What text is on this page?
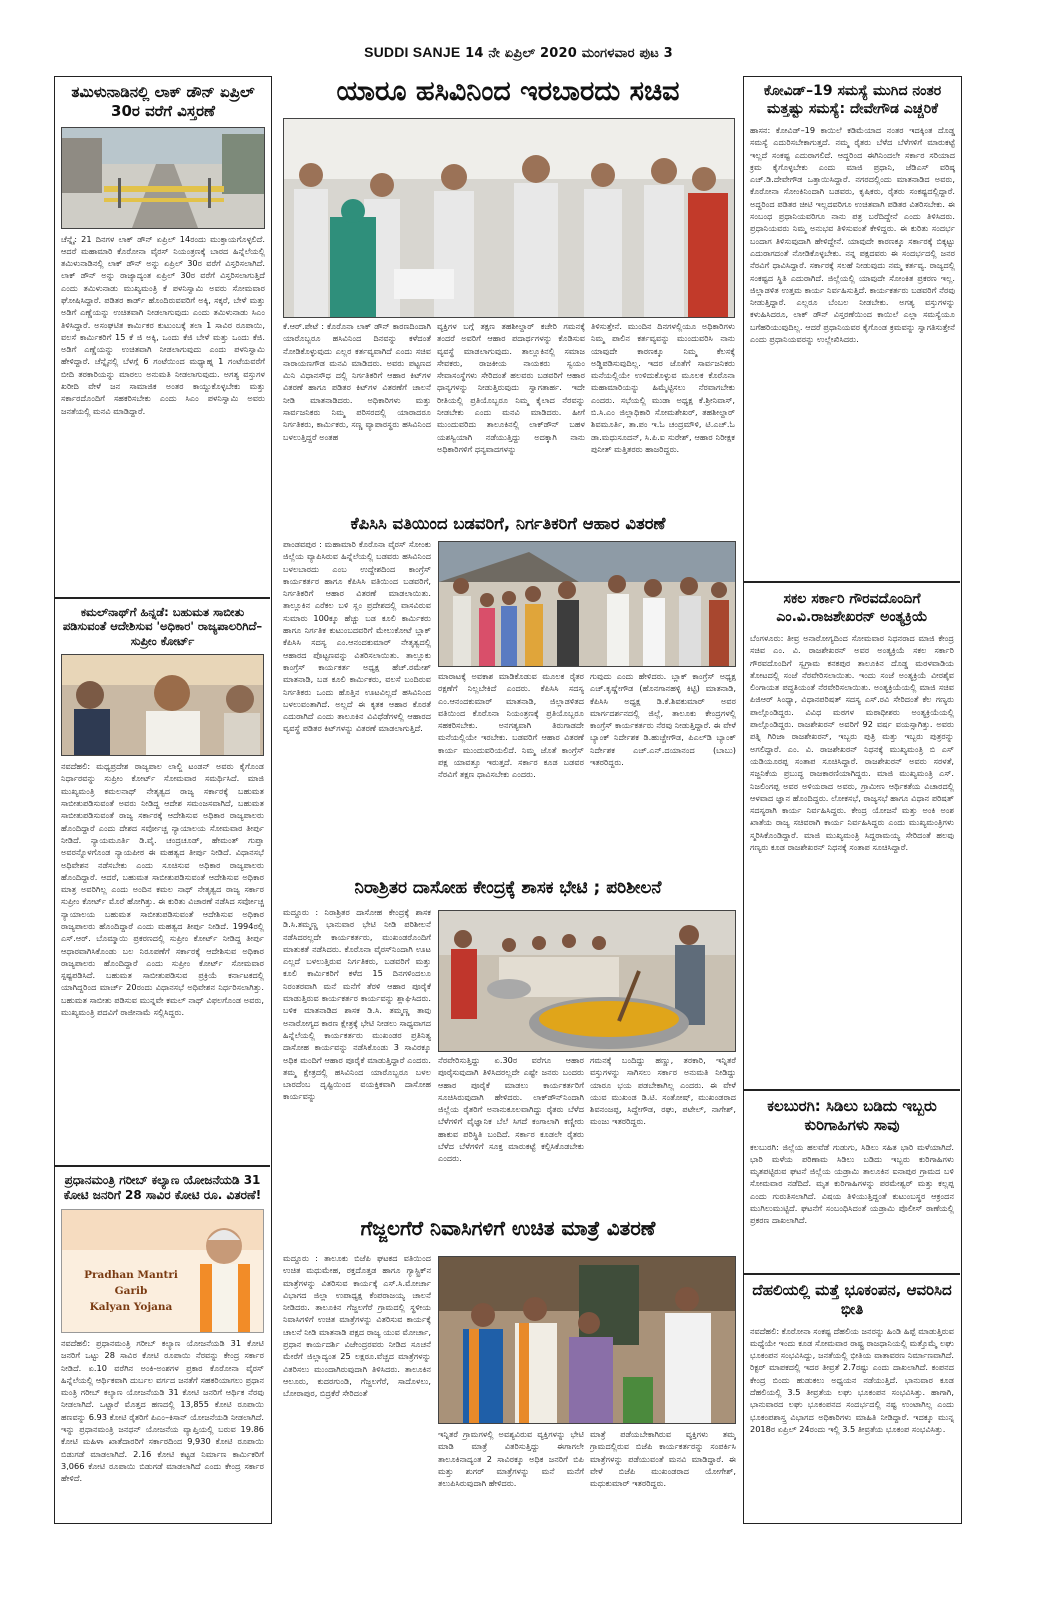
SUDDI SANJE 14 ನೇ ಏಪ್ರಿಲ್ 2020 ಮಂಗಳವಾರ ಪುಟ 3
ತಮಿಳುನಾಡಿನಲ್ಲಿ ಲಾಕ್ ಡೌನ್ ಏಪ್ರಿಲ್ 30ರ ವರೆಗೆ ವಿಸ್ತರಣೆ
ಚೆನ್ನೈ: 21 ದಿನಗಳ ಲಾಕ್ ಡೌನ್ ಏಪ್ರಿಲ್ 14ರಂದು ಮುಕ್ತಾಯಗೊಳ್ಳಲಿದೆ. ಆದರೆ ಮಹಾಮಾರಿ ಕೊರೋನಾ ವೈರಸ್ ನಿಯಂತ್ರಣಕ್ಕೆ ಬಾರದ ಹಿನ್ನೆಲೆಯಲ್ಲಿ ತಮಿಳುನಾಡಿನಲ್ಲಿ ಲಾಕ್ ಡೌನ್ ಅನ್ನು ಏಪ್ರಿಲ್ 30ರ ವರೆಗೆ ವಿಸ್ತರಿಸಲಾಗಿದೆ. ಲಾಕ್ ಡೌನ್ ಅನ್ನು ರಾಜ್ಯಾದ್ಯಂತ ಏಪ್ರಿಲ್ 30ರ ವರೆಗೆ ವಿಸ್ತರಿಸಲಾಗುತ್ತಿದೆ ಎಂದು ತಮಿಳುನಾಡು ಮುಖ್ಯಮಂತ್ರಿ ಕೆ ಪಳನಿಸ್ವಾಮಿ ಅವರು ಸೋಮವಾರ ಘೋಷಿಸಿದ್ದಾರೆ. ಪಡಿತರ ಕಾರ್ಡ್ ಹೊಂದಿರುವವರಿಗೆ ಅಕ್ಕಿ, ಸಕ್ಕರೆ, ಬೇಳೆ ಮತ್ತು ಅಡಿಗೆ ಎಣ್ಣೆಯನ್ನು ಉಚಿತವಾಗಿ ನೀಡಲಾಗುವುದು ಎಂದು ತಮಿಳುನಾಡು ಸಿಎಂ ತಿಳಿಸಿದ್ದಾರೆ. ಅಸಂಘಟಿತ ಕಾರ್ಮಿಕರ ಕುಟುಂಬಕ್ಕೆ ತಲಾ 1 ಸಾವಿರ ರೂಪಾಯಿ, ವಲಸೆ ಕಾರ್ಮಿಕರಿಗೆ 15 ಕೆ ಜಿ ಅಕ್ಕಿ, ಒಂದು ಕೆಜಿ ಬೇಳೆ ಮತ್ತು ಒಂದು ಕೆಜಿ. ಅಡಿಗೆ ಎಣ್ಣೆಯನ್ನು ಉಚಿತವಾಗಿ ನೀಡಲಾಗುವುದು ಎಂದು ಪಳನಿಸ್ವಾಮಿ ಹೇಳಿದ್ದಾರೆ. ಚೆನ್ನೈನಲ್ಲಿ ಬೆಳಗ್ಗೆ 6 ಗಂಟೆಯಿಂದ ಮಧ್ಯಾಹ್ನ 1 ಗಂಟೆಯವರೆಗೆ ಬೀದಿ ತರಕಾರಿಯನ್ನು ಮಾರಲು ಅನುಮತಿ ನೀಡಲಾಗುವುದು. ಅಗತ್ಯ ವಸ್ತುಗಳ ಖರೀದಿ ವೇಳೆ ಜನ ಸಾಮಾಜಿಕ ಅಂತರ ಕಾಯ್ದುಕೊಳ್ಳಬೇಕು ಮತ್ತು ಸರ್ಕಾರದೊಂದಿಗೆ ಸಹಕರಿಸಬೇಕು ಎಂದು ಸಿಎಂ ಪಳನಿಸ್ವಾಮಿ ಅವರು ಜನತೆಯಲ್ಲಿ ಮನವಿ ಮಾಡಿದ್ದಾರೆ.
ಕಮಲ್‌ನಾಥ್‌ಗೆ ಹಿನ್ನಡೆ: ಬಹುಮತ ಸಾಬೀತು ಪಡಿಸುವಂತೆ ಆದೇಶಿಸುವ 'ಅಧಿಕಾರ' ರಾಜ್ಯಪಾಲರಿಗಿದೆ– ಸುಪ್ರೀಂ ಕೋರ್ಟ್
ನವದೆಹಲಿ: ಮಧ್ಯಪ್ರದೇಶ ರಾಜ್ಯಪಾಲ ಲಾಲ್ಜಿ ಟಂಡನ್ ಅವರು ಕೈಗೊಂಡ ನಿರ್ಧಾರವನ್ನು ಸುಪ್ರೀಂ ಕೋರ್ಟ್ ಸೋಮವಾರ ಸಮರ್ಥಿಸಿದೆ. ಮಾಜಿ ಮುಖ್ಯಮಂತ್ರಿ ಕಮಲನಾಥ್ ನೇತೃತ್ವದ ರಾಜ್ಯ ಸರ್ಕಾರಕ್ಕೆ ಬಹುಮತ ಸಾಬೀತುಪಡಿಸುವಂತೆ ಅವರು ನೀಡಿದ್ದ ಆದೇಶ ಸಮಂಜಸವಾಗಿದೆ, ಬಹುಮತ ಸಾಬೀತುಪಡಿಸುವಂತೆ ರಾಜ್ಯ ಸರ್ಕಾರಕ್ಕೆ ಆದೇಶಿಸುವ ಅಧಿಕಾರ ರಾಜ್ಯಪಾಲರು ಹೊಂದಿದ್ದಾರೆ ಎಂದು ದೇಶದ ಸರ್ವೋಚ್ಚ ನ್ಯಾಯಾಲಯ ಸೋಮವಾರ ತೀರ್ಪು ನೀಡಿದೆ. ನ್ಯಾಯಮೂರ್ತಿ ಡಿ.ವೈ. ಚಂದ್ರಚೂಡ್, ಹೇಮಂತ್ ಗುಪ್ತಾ ಅವರನ್ನೊಳಗೊಂಡ ನ್ಯಾಯಪೀಠ ಈ ಮಹತ್ವದ ತೀರ್ಪು ನೀಡಿದೆ. ವಿಧಾನಸಭೆ ಅಧಿವೇಶನ ನಡೆಸಬೇಕು ಎಂದು ಸೂಚಿಸುವ ಅಧಿಕಾರ ರಾಜ್ಯಪಾಲರು ಹೊಂದಿದ್ದಾರೆ. ಆದರೆ, ಬಹುಮತ ಸಾಬೀತುಪಡಿಸುವಂತೆ ಆದೇಶಿಸುವ ಅಧಿಕಾರ ಮಾತ್ರ ಅವರಿಗಿಲ್ಲ ಎಂದು ಅಂದಿನ ಕಮಲ ನಾಥ್ ನೇತೃತ್ವದ ರಾಜ್ಯ ಸರ್ಕಾರ ಸುಪ್ರೀಂ ಕೋರ್ಟ್ ಮೊರೆ ಹೋಗಿತ್ತು. ಈ ಕುರಿತು ವಿಚಾರಣೆ ನಡೆಸಿದ ಸರ್ವೋಚ್ಚ ನ್ಯಾಯಾಲಯ ಬಹುಮತ ಸಾಬೀತುಪಡಿಸುವಂತೆ ಆದೇಶಿಸುವ ಅಧಿಕಾರ ರಾಜ್ಯಪಾಲರು ಹೊಂದಿದ್ದಾರೆ ಎಂದು ಮಹತ್ವದ ತೀರ್ಪು ನೀಡಿದೆ. 1994ರಲ್ಲಿ ಎಸ್.ಆರ್. ಬೊಮ್ಮಾಯಿ ಪ್ರಕರಣದಲ್ಲಿ ಸುಪ್ರೀಂ ಕೋರ್ಟ್ ನೀಡಿದ್ದ ತೀರ್ಪು ಆಧಾರವಾಗಿಸಿಕೊಂಡು ಬಲ ನಿರೂಪಣೆಗೆ ಸರ್ಕಾರಕ್ಕೆ ಆದೇಶಿಸುವ ಅಧಿಕಾರ ರಾಜ್ಯಪಾಲರು ಹೊಂದಿದ್ದಾರೆ ಎಂದು ಸುಪ್ರೀಂ ಕೋರ್ಟ್ ಸೋಮವಾರ ಸ್ಪಷ್ಟಪಡಿಸಿದೆ. ಬಹುಮತ ಸಾಬೀತುಪಡಿಸುವ ಪ್ರಕ್ರಿಯೆ ಕರ್ನಾಟಕದಲ್ಲಿ ಯಾಗಿದ್ದರಿಂದ ಮಾರ್ಚ್ 20ರಂದು ವಿಧಾನಸಭೆ ಅಧಿವೇಶನ ನಿರ್ಧರಿಸಲಾಗಿತ್ತು. ಬಹುಮತ ಸಾಬೀತು ಪಡಿಸುವ ಮುನ್ನವೇ ಕಮಲ್ ನಾಥ್ ವಿಫಲಗೊಂಡ ಅವರು, ಮುಖ್ಯಮಂತ್ರಿ ಪದವಿಗೆ ರಾಜೀನಾಮೆ ಸಲ್ಲಿಸಿದ್ದರು.
ಪ್ರಧಾನಮಂತ್ರಿ ಗರೀಬ್ ಕಲ್ಯಾಣ ಯೋಜನೆಯಡಿ 31 ಕೋಟಿ ಜನರಿಗೆ 28 ಸಾವಿರ ಕೋಟಿ ರೂ. ವಿತರಣೆ!
Pradhan Mantri Garib
Kalyan Yojana
ನವದೆಹಲಿ: ಪ್ರಧಾನಮಂತ್ರಿ ಗರೀಬ್ ಕಲ್ಯಾಣ ಯೋಜನೆಯಡಿ 31 ಕೋಟಿ ಜನರಿಗೆ ಒಟ್ಟು 28 ಸಾವಿರ ಕೋಟಿ ರೂಪಾಯಿ ನೆರವನ್ನು ಕೇಂದ್ರ ಸರ್ಕಾರ ನೀಡಿದೆ. ಏ.10 ವರೆಗಿನ ಅಂಕಿ-ಅಂಶಗಳ ಪ್ರಕಾರ ಕೊರೋನಾ ವೈರಸ್ ಹಿನ್ನೆಲೆಯಲ್ಲಿ ಆರ್ಥಿಕವಾಗಿ ದುರ್ಬಲ ವರ್ಗದ ಜನತೆಗೆ ಸಹಕರಿಯಾಗಲು ಪ್ರಧಾನ ಮಂತ್ರಿ ಗರೀಬ್ ಕಲ್ಯಾಣ ಯೋಜನೆಯಡಿ 31 ಕೋಟಿ ಜನರಿಗೆ ಆರ್ಥಿಕ ನೆರವು ನೀಡಲಾಗಿದೆ. ಒಟ್ಟಾರೆ ಮೊತ್ತದ ಹಣದಲ್ಲಿ 13,855 ಕೋಟಿ ರೂಪಾಯಿ ಹಣವನ್ನು 6.93 ಕೋಟಿ ರೈತರಿಗೆ ಪಿಎಂ–ಕಿಸಾನ್ ಯೋಜನೆಯಡಿ ನೀಡಲಾಗಿದೆ. ಇನ್ನು ಪ್ರಧಾನಮಂತ್ರಿ ಜನಧನ್ ಯೋಜನೆಯ ವ್ಯಾಪ್ತಿಯಲ್ಲಿ ಬರುವ 19.86 ಕೋಟಿ ಮಹಿಳಾ ಖಾತೆದಾರರಿಗೆ ಸರ್ಕಾರದಿಂದ 9,930 ಕೋಟಿ ರೂಪಾಯಿ ಬಿಡುಗಡೆ ಮಾಡಲಾಗಿದೆ. 2.16 ಕೋಟಿ ಕಟ್ಟಡ ನಿರ್ಮಾಣ ಕಾರ್ಮಿಕರಿಗೆ 3,066 ಕೋಟಿ ರೂಪಾಯಿ ಬಿಡುಗಡೆ ಮಾಡಲಾಗಿದೆ ಎಂದು ಕೇಂದ್ರ ಸರ್ಕಾರ ಹೇಳಿದೆ.
ಯಾರೂ ಹಸಿವಿನಿಂದ ಇರಬಾರದು ಸಚಿವ
ಕೆ.ಆರ್.ಪೇಟೆ : ಕೊರೊನಾ ಲಾಕ್ ಡೌನ್ ಕಾರಣದಿಂದಾಗಿ ಯಾರೊಬ್ಬರೂ ಹಸಿವಿನಿಂದ ದಿನವನ್ನು ಕಳೆದಂತೆ ನೋಡಿಕೊಳ್ಳುವುದು ಎಲ್ಲರ ಕರ್ತವ್ಯವಾಗಿದೆ ಎಂದು ಸಚಿವ ನಾರಾಯಣಗೌಡ ಮನವಿ ಮಾಡಿದರು. ಅವರು ಪಟ್ಟಣದ ಮಿನಿ ವಿಧಾನಸೌಧ ದಲ್ಲಿ ನಿರ್ಗತಿಕರಿಗೆ ಆಹಾರ ಕಿಟ್‌ಗಳ ವಿತರಣೆ ಹಾಗೂ ಪಡಿತರ ಕಿಟ್‌ಗಳ ವಿತರಣೆಗೆ ಚಾಲನೆ ನೀಡಿ ಮಾತನಾಡಿದರು. ಅಧಿಕಾರಿಗಳು ಮತ್ತು ಸಾರ್ವಜನಿಕರು ನಿಮ್ಮ ಪರಿಸರದಲ್ಲಿ ಯಾರಾದರೂ ನಿರ್ಗತಿಕರು, ಕಾರ್ಮಿಕರು, ಸಣ್ಣ ವ್ಯಾಪಾರಸ್ಥರು ಹಸಿವಿನಿಂದ ಬಳಲುತ್ತಿದ್ದರೆ ಅಂತಹ
ವ್ಯಕ್ತಿಗಳ ಬಗ್ಗೆ ತಕ್ಷಣ ತಹಶೀಲ್ದಾರ್ ಕಚೇರಿ ಗಮನಕ್ಕೆ ತಂದರೆ ಅವರಿಗೆ ಆಹಾರ ಪದಾರ್ಥಗಳನ್ನು ಕೊಡಿಸುವ ವ್ಯವಸ್ಥೆ ಮಾಡಲಾಗುವುದು. ತಾಲ್ಲೂಕಿನಲ್ಲಿ ಸಮಾಜ ಸೇವಕರು, ರಾಜಕೀಯ ನಾಯಕರು ಸ್ವಯಂ ಸೇವಾಸಂಸ್ಥೆಗಳು ಸೇರಿದಂತೆ ಹಲವರು ಬಡವರಿಗೆ ಆಹಾರ ಧಾನ್ಯಗಳನ್ನು ನೀಡುತ್ತಿರುವುದು ಸ್ವಾಗತಾರ್ಹ. ಇದೇ ರೀತಿಯಲ್ಲಿ ಪ್ರತಿಯೊಬ್ಬರೂ ನಿಮ್ಮ ಕೈಲಾದ ನೆರವನ್ನು ನೀಡಬೇಕು ಎಂದು ಮನವಿ ಮಾಡಿದರು. ಹೀಗೆ ಮುಂದುವರಿದು ತಾಲೂಕಿನಲ್ಲಿ ಲಾಕ್‌ಡೌನ್ ಬಹಳ ಯಶಸ್ವಿಯಾಗಿ ನಡೆಯುತ್ತಿದ್ದು ಅದಕ್ಕಾಗಿ ನಾನು ಅಧಿಕಾರಿಗಳಿಗೆ ಧನ್ಯವಾದಗಳನ್ನು
ತಿಳಿಸುತ್ತೇನೆ. ಮುಂದಿನ ದಿನಗಳಲ್ಲಿಯೂ ಅಧಿಕಾರಿಗಳು ನಿಮ್ಮ ಪಾಲಿನ ಕರ್ತವ್ಯವನ್ನು ಮುಂದುವರಿಸಿ ನಾನು ಯಾವುದೇ ಕಾರಣಕ್ಕೂ ನಿಮ್ಮ ಕೆಲಸಕ್ಕೆ ಅಡ್ಡಿಪಡಿಸುವುದಿಲ್ಲ. ಇದರ ಜೊತೆಗೆ ಸಾರ್ವಜನಿಕರು ಮನೆಯಲ್ಲಿಯೇ ಉಳಿದುಕೊಳ್ಳುವ ಮೂಲಕ ಕೊರೊನಾ ಮಹಾಮಾರಿಯನ್ನು ಹಿಮ್ಮೆಟ್ಟಿಸಲು ನೆರವಾಗಬೇಕು ಎಂದರು. ಸಭೆಯಲ್ಲಿ ಮುಡಾ ಅಧ್ಯಕ್ಷ ಕೆ.ಶ್ರೀನಿವಾಸ್, ಬಿ.ಸಿ.ಎಂ ಜಿಲ್ಲಾಧಿಕಾರಿ ಸೋಮಶೇಖರ್, ತಹಶೀಲ್ದಾರ್ ಶಿವಮೂರ್ತಿ, ತಾ.ಪಂ ಇ.ಓ ಚಂದ್ರಮೌಳಿ, ಟಿ.ಎಚ್.ಓ ಡಾ.ಮಧುಸೂದನ್, ಸಿ.ಪಿ.ಐ ಸುರೇಶ್, ಆಹಾರ ನಿರೀಕ್ಷಕ ಪುನೀತ್ ಮತ್ತಿತರರು ಹಾಜರಿದ್ದರು.
ಕೆಪಿಸಿಸಿ ವತಿಯಿಂದ ಬಡವರಿಗೆ, ನಿರ್ಗತಿಕರಿಗೆ ಆಹಾರ ವಿತರಣೆ
ಪಾಂಡವಪುರ : ಮಹಾಮಾರಿ ಕೊರೊನಾ ವೈರಸ್ ಸೋಂಕು ಜಿಲ್ಲೆಯ ವ್ಯಾಪಿಸಿರುವ ಹಿನ್ನೆಲೆಯಲ್ಲಿ ಬಡವರು ಹಸಿವಿನಿಂದ ಬಳಲಬಾರದು ಎಂಬ ಉದ್ದೇಶದಿಂದ ಕಾಂಗ್ರೆಸ್ ಕಾರ್ಯಕರ್ತರ ಹಾಗೂ ಕೆಪಿಸಿಸಿ ವತಿಯಿಂದ ಬಡವರಿಗೆ, ನಿರ್ಗತಿಕರಿಗೆ ಆಹಾರ ವಿತರಣೆ ಮಾಡಲಾಯಿತು. ತಾಲ್ಲೂಕಿನ ಎರೆಕಲ ಬಳಿ ಸ್ಲಂ ಪ್ರದೇಶದಲ್ಲಿ ವಾಸವಿರುವ ಸುಮಾರು 100ಕ್ಕೂ ಹೆಚ್ಚು ಬಡ ಕೂಲಿ ಕಾರ್ಮಿಕರು ಹಾಗೂ ನಿರ್ಗತಿಕ ಕುಟುಂಬದವರಿಗೆ ಮೇಲುಕೋಟೆ ಬ್ಲಾಕ್ ಕೆಪಿಸಿಸಿ ಸದಸ್ಯ ಎಂ.ಆನಂದಕುಮಾರ್ ನೇತೃತ್ವದಲ್ಲಿ ಆಹಾರದ ಪೊಟ್ಟಣವನ್ನು ವಿತರಿಸಲಾಯಿತು. ತಾಲ್ಲೂಕು ಕಾಂಗ್ರೆಸ್ ಕಾರ್ಯಕರ್ತ ಅಧ್ಯಕ್ಷ ಹೆಚ್.ರಮೇಶ್ ಮಾತನಾಡಿ, ಬಡ ಕೂಲಿ ಕಾರ್ಮಿಕರು, ವಲಸೆ ಬಂದಿರುವ ನಿರ್ಗತಿಕರು ಒಂದು ಹೊತ್ತಿನ ಊಟವಿಲ್ಲದೆ ಹಸಿವಿನಿಂದ ಬಳಲುವಂತಾಗಿದೆ. ಅಲ್ಲದೆ ಈ ಕೃತಕ ಆಹಾರ ಕೊರತೆ ಎದುರಾಗಿದೆ ಎಂದು ತಾಲೂಕಿನ ವಿವಿಧೆಡೆಗಳಲ್ಲಿ ಆಹಾರದ ವ್ಯವಸ್ಥೆ ಪಡಿತರ ಕಿಟ್‌ಗಳನ್ನು ವಿತರಣೆ ಮಾಡಲಾಗುತ್ತಿದೆ.
ಮಾರಾಟಕ್ಕೆ ಅವಕಾಶ ಮಾಡಿಕೊಡುವ ಮೂಲಕ ರೈತರ ರಕ್ಷಣೆಗೆ ನಿಲ್ಲಬೇಕಿದೆ ಎಂದರು. ಕೆಪಿಸಿಸಿ ಸದಸ್ಯ ಎಂ.ಆನಂದಕುಮಾರ್ ಮಾತನಾಡಿ, ಜಿಲ್ಲಾಡಳಿತದ ವತಿಯಿಂದ ಕೊರೊನಾ ನಿಯಂತ್ರಣಕ್ಕೆ ಪ್ರತಿಯೊಬ್ಬರೂ ಸಹಕರಿಸಬೇಕು. ಅನಗತ್ಯವಾಗಿ ತಿರುಗಾಡದೇ ಮನೆಯಲ್ಲಿಯೇ ಇರಬೇಕು. ಬಡವರಿಗೆ ಆಹಾರ ವಿತರಣೆ ಕಾರ್ಯ ಮುಂದುವರಿಯಲಿದೆ. ನಿಮ್ಮ ಜೊತೆ ಕಾಂಗ್ರೆಸ್ ಪಕ್ಷ ಯಾವತ್ತೂ ಇರುತ್ತದೆ. ಸರ್ಕಾರ ಕೂಡ ಬಡವರ ನೆರವಿಗೆ ತಕ್ಷಣ ಧಾವಿಸಬೇಕು ಎಂದರು.
ಗುವುದು ಎಂದು ಹೇಳಿದರು. ಬ್ಲಾಕ್ ಕಾಂಗ್ರೆಸ್ ಅಧ್ಯಕ್ಷ ಎಚ್.ಕೃಷ್ಣೇಗೌಡ (ಹೊನಗಾನಹಳ್ಳಿ ಕಿಟ್ಟಿ) ಮಾತನಾಡಿ, ಕೆಪಿಸಿಸಿ ಅಧ್ಯಕ್ಷ ಡಿ.ಕೆ.ಶಿವಕುಮಾರ್ ಅವರ ಮಾರ್ಗದರ್ಶನದಲ್ಲಿ ಜಿಲ್ಲೆ, ತಾಲೂಕು ಕೇಂದ್ರಗಳಲ್ಲಿ ಕಾಂಗ್ರೆಸ್ ಕಾರ್ಯಕರ್ತರು ನೆರವು ನೀಡುತ್ತಿದ್ದಾರೆ. ಈ ವೇಳೆ ಬ್ಯಾಂಕ್ ನಿರ್ದೇಶಕ ಡಿ.ಹುಚ್ಚೇಗೌಡ, ಪಿಎಲ್‌ಡಿ ಬ್ಯಾಂಕ್ ನಿರ್ದೇಶಕ ಎಚ್.ಎನ್.ದಯಾನಂದ (ಬಾಬು) ಇತರರಿದ್ದರು.
ನಿರಾಶ್ರಿತರ ದಾಸೋಹ ಕೇಂದ್ರಕ್ಕೆ ಶಾಸಕ ಭೇಟಿ ; ಪರಿಶೀಲನೆ
ಮದ್ದೂರು : ನಿರಾಶ್ರಿತರ ದಾಸೋಹ ಕೇಂದ್ರಕ್ಕೆ ಶಾಸಕ ಡಿ.ಸಿ.ತಮ್ಮಣ್ಣ ಭಾನುವಾರ ಭೇಟಿ ನೀಡಿ ಪರಿಶೀಲನೆ ನಡೆಸಿದರಲ್ಲದೇ ಕಾರ್ಯಕರ್ತರು, ಮುಖಂಡರೊಂದಿಗೆ ಮಾತುಕತೆ ನಡೆಸಿದರು. ಕೊರೊನಾ ವೈರಸ್‌ನಿಂದಾಗಿ ಊಟ ಎಲ್ಲದೆ ಬಳಲುತ್ತಿರುವ ನಿರ್ಗತಿಕರು, ಬಡವರಿಗೆ ಮತ್ತು ಕೂಲಿ ಕಾರ್ಮಿಕರಿಗೆ ಕಳೆದ 15 ದಿನಗಳಿಂದಲೂ ನಿರಂತರವಾಗಿ ಮನೆ ಮನೆಗೆ ತೆರಳಿ ಆಹಾರ ಪೂರೈಕೆ ಮಾಡುತ್ತಿರುವ ಕಾರ್ಯಕರ್ತರ ಕಾರ್ಯವನ್ನು ಶ್ಲಾಘಿಸಿದರು. ಬಳಿಕ ಮಾತನಾಡಿದ ಶಾಸಕ ಡಿ.ಸಿ. ತಮ್ಮಣ್ಣ ತಾವು ಅನಾರೋಗ್ಯದ ಕಾರಣ ಕ್ಷೇತ್ರಕ್ಕೆ ಭೇಟಿ ನೀಡಲು ಸಾಧ್ಯವಾಗದ ಹಿನ್ನೆಲೆಯಲ್ಲಿ ಕಾರ್ಯಕರ್ತರು ಮುಖಂಡರ ಪ್ರತಿನಿತ್ಯ ದಾಸೋಹ ಕಾರ್ಯವನ್ನು ನಡೆಸಿಕೊಂಡು 3 ಸಾವಿರಕ್ಕೂ ಅಧಿಕ ಮಂದಿಗೆ ಆಹಾರ ಪೂರೈಕೆ ಮಾಡುತ್ತಿದ್ದಾರೆ ಎಂದರು. ತಮ್ಮ ಕ್ಷೇತ್ರದಲ್ಲಿ ಹಸಿವಿನಿಂದ ಯಾರೊಬ್ಬರೂ ಬಳಲ ಬಾರದೆಂಬ ದೃಷ್ಟಿಯಿಂದ ವಯಕ್ತಿಕವಾಗಿ ದಾಸೋಹ ಕಾರ್ಯವನ್ನು
ನೆರವೇರಿಸುತ್ತಿದ್ದು ಏ.30ರ ವರೆಗೂ ಆಹಾರ ಪೂರೈಸುವುದಾಗಿ ತಿಳಿಸಿದರಲ್ಲದೇ ಎಷ್ಟೇ ಜನರು ಬಂದರು ಆಹಾರ ಪೂರೈಕೆ ಮಾಡಲು ಕಾರ್ಯಕರ್ತರಿಗೆ ಸೂಚಿಸಿರುವುದಾಗಿ ಹೇಳಿದರು. ಲಾಕ್‌ಡೌನ್‌ನಿಂದಾಗಿ ಜಿಲ್ಲೆಯ ರೈತರಿಗೆ ಅನಾನುಕೂಲವಾಗಿದ್ದು ರೈತರು ಬೆಳೆದ ಬೆಳೆಗಳಿಗೆ ವೈಜ್ಞಾನಿಕ ಬೆಲೆ ಸಿಗದೆ ಕಂಗಾಲಾಗಿ ಕಣ್ಣೀರು ಹಾಕುವ ಪರಿಸ್ಥಿತಿ ಬಂದಿದೆ. ಸರ್ಕಾರ ಕೂಡಲೇ ರೈತರು ಬೆಳೆದ ಬೆಳೆಗಳಿಗೆ ಸೂಕ್ತ ಮಾರುಕಟ್ಟೆ ಕಲ್ಪಿಸಿಕೊಡಬೇಕು ಎಂದರು.
ಗಮನಕ್ಕೆ ಬಂದಿದ್ದು ಹಣ್ಣು, ತರಕಾರಿ, ಇನ್ನಿತರೆ ವಸ್ತುಗಳನ್ನು ಸಾಗಿಸಲು ಸರ್ಕಾರ ಅನುಮತಿ ನೀಡಿದ್ದು ಯಾರೂ ಭಯ ಪಡಬೇಕಾಗಿಲ್ಲ ಎಂದರು. ಈ ವೇಳೆ ಯುವ ಮುಖಂಡ ಡಿ.ಟಿ. ಸಂತೋಷ್, ಮುಖಂಡರಾದ ಶಿವನಂಜಪ್ಪ, ಸಿದ್ದೇಗೌಡ, ರಘು, ಪಟೇಲ್, ನಾಗೇಶ್, ಮಂಜು ಇತರರಿದ್ದರು.
ಗೆಜ್ಜಲಗೆರೆ ನಿವಾಸಿಗಳಿಗೆ ಉಚಿತ ಮಾತ್ರೆ ವಿತರಣೆ
ಮದ್ದೂರು : ತಾಲೂಕು ಬಿಜೆಪಿ ಘಟಕದ ವತಿಯಿಂದ ಉಚಿತ ಮಧುಮೇಹ, ರಕ್ತದೊತ್ತಡ ಹಾಗೂ ಗ್ಯಾಸ್ಟ್ರಿಕ್‌ನ ಮಾತ್ರೆಗಳನ್ನು ವಿತರಿಸುವ ಕಾರ್ಯಕ್ಕೆ ಎಸ್.ಸಿ.ಮೋರ್ಚಾ ವಿಭಾಗದ ಜಿಲ್ಲಾ ಉಪಾಧ್ಯಕ್ಷ ಕೆಂಪರಾಜಯ್ಯ ಚಾಲನೆ ನೀಡಿದರು. ತಾಲೂಕಿನ ಗೆಜ್ಜಲಗೆರೆ ಗ್ರಾಮದಲ್ಲಿ ಸ್ಥಳೀಯ ನಿವಾಸಿಗಳಿಗೆ ಉಚಿತ ಮಾತ್ರೆಗಳನ್ನು ವಿತರಿಸುವ ಕಾರ್ಯಕ್ಕೆ ಚಾಲನೆ ನೀಡಿ ಮಾತನಾಡಿ ಪಕ್ಷದ ರಾಜ್ಯ ಯುವ ಮೋರ್ಚಾ, ಪ್ರಧಾನ ಕಾರ್ಯದರ್ಶಿ ವಿಜೇಂದ್ರರವರು ನೀಡಿದ ಸೂಚನೆ ಮೇರೆಗೆ ಜಿಲ್ಲಾದ್ಯಂತ 25 ಲಕ್ಷರೂ.ವೆಚ್ಚದ ಮಾತ್ರೆಗಳನ್ನು ವಿತರಿಸಲು ಮುಂದಾಗಿರುವುದಾಗಿ ತಿಳಿಸಿದರು. ತಾಲೂಕಿನ ಆಲೂರು, ಕುದರಗುಂಡಿ, ಗೆಜ್ಜಲಗೆರೆ, ಸಾದೊಳಲು, ಬೋರಾಪುರ, ಬಿದ್ರಕೆರೆ ಸೇರಿದಂತೆ
ಇನ್ನಿತರೆ ಗ್ರಾಮಗಳಲ್ಲಿ ಅವಶ್ಯವಿರುವ ವ್ಯಕ್ತಿಗಳನ್ನು ಭೇಟಿ ಮಾಡಿ ಮಾತ್ರೆ ವಿತರಿಸುತ್ತಿದ್ದು ಈಗಾಗಲೇ ತಾಲೂಕಿನಾದ್ಯಂತ 2 ಸಾವಿರಕ್ಕೂ ಅಧಿಕ ಜನರಿಗೆ ಬಿಪಿ ಮತ್ತು ಶುಗರ್ ಮಾತ್ರೆಗಳನ್ನು ಮನೆ ಮನೆಗೆ ತಲುಪಿಸಿರುವುದಾಗಿ ಹೇಳಿದರು.
ಮಾತ್ರೆ ಪಡೆಯಬೇಕಾಗಿರುವ ವ್ಯಕ್ತಿಗಳು ತಮ್ಮ ಗ್ರಾಮದಲ್ಲಿರುವ ಬಿಜೆಪಿ ಕಾರ್ಯಕರ್ತರನ್ನು ಸಂಪರ್ಕಿಸಿ ಮಾತ್ರೆಗಳನ್ನು ಪಡೆಯುವಂತೆ ಮನವಿ ಮಾಡಿದ್ದಾರೆ. ಈ ವೇಳೆ ಬಿಜೆಪಿ ಮುಖಂಡರಾದ ಯೋಗೇಶ್, ಮಧುಕುಮಾರ್ ಇತರರಿದ್ದರು.
ಕೋವಿಡ್–19 ಸಮಸ್ಯೆ ಮುಗಿದ ನಂತರ ಮತ್ತಷ್ಟು ಸಮಸ್ಯೆ: ದೇವೇಗೌಡ ಎಚ್ಚರಿಕೆ
ಹಾಸನ: ಕೋವಿಡ್–19 ಕಾಯಿಲೆ ಕಡಿಮೆಯಾದ ನಂತರ ಇದಕ್ಕಿಂತ ದೊಡ್ಡ ಸಮಸ್ಯೆ ಎದುರಿಸಬೇಕಾಗುತ್ತದೆ. ನಮ್ಮ ರೈತರು ಬೆಳೆದ ಬೆಳೆಗಳಿಗೆ ಮಾರುಕಟ್ಟೆ ಇಲ್ಲದೆ ಸಂಕಷ್ಟ ಎದುರಾಗಲಿದೆ. ಆದ್ದರಿಂದ ಈಗಿನಿಂದಲೇ ಸರ್ಕಾರ ಸರಿಯಾದ ಕ್ರಮ ಕೈಗೊಳ್ಳಬೇಕು ಎಂದು ಮಾಜಿ ಪ್ರಧಾನಿ, ಜೆಡಿಎಸ್ ವರಿಷ್ಠ ಎಚ್.ಡಿ.ದೇವೇಗೌಡ ಒತ್ತಾಯಿಸಿದ್ದಾರೆ. ನಗರದಲ್ಲಿಂದು ಮಾತನಾಡಿದ ಅವರು, ಕೊರೋನಾ ಸೋಂಕಿನಿಂದಾಗಿ ಬಡವರು, ಕೃಷಿಕರು, ರೈತರು ಸಂಕಷ್ಟದಲ್ಲಿದ್ದಾರೆ. ಅದ್ದರಿಂದ ಪಡಿತರ ಚೀಟಿ ಇಲ್ಲದವರಿಗೂ ಉಚಿತವಾಗಿ ಪಡಿತರ ವಿತರಿಸಬೇಕು. ಈ ಸಂಬಂಧ ಪ್ರಧಾನಿಯವರಿಗೂ ನಾನು ಪತ್ರ ಬರೆದಿದ್ದೇನೆ ಎಂದು ತಿಳಿಸಿದರು. ಪ್ರಧಾನಿಯವರು ನಿಮ್ಮ ಅನುಭವ ತಿಳಿಸುವಂತೆ ಕೇಳಿದ್ದರು. ಈ ಕುರಿತು ಸಂದರ್ಭ ಬಂದಾಗ ತಿಳಿಸುವುದಾಗಿ ಹೇಳಿದ್ದೇನೆ. ಯಾವುದೇ ಕಾರಣಕ್ಕೂ ಸರ್ಕಾರಕ್ಕೆ ಬಿಕ್ಕಟ್ಟು ಎದುರಾಗದಂತೆ ನೋಡಿಕೊಳ್ಳಬೇಕು. ನನ್ನ ಪಕ್ಷದವರು ಈ ಸಂದರ್ಭದಲ್ಲಿ ಜನರ ನೆರವಿಗೆ ಧಾವಿಸಿದ್ದಾರೆ. ಸರ್ಕಾರಕ್ಕೆ ಸಲಹೆ ನೀಡುವುದು ನಮ್ಮ ಕರ್ತವ್ಯ. ರಾಜ್ಯದಲ್ಲಿ ಸಂಕಷ್ಟದ ಸ್ಥಿತಿ ಎದುರಾಗಿದೆ. ಜಿಲ್ಲೆಯಲ್ಲಿ ಯಾವುದೇ ಸೋಂಕಿತ ಪ್ರಕರಣ ಇಲ್ಲ. ಜಿಲ್ಲಾಡಳಿತ ಉತ್ತಮ ಕಾರ್ಯ ನಿರ್ವಹಿಸುತ್ತಿದೆ. ಕಾರ್ಯಕರ್ತರು ಬಡವರಿಗೆ ನೆರವು ನೀಡುತ್ತಿದ್ದಾರೆ. ಎಲ್ಲರೂ ಬೆಂಬಲ ನೀಡಬೇಕು. ಅಗತ್ಯ ವಸ್ತುಗಳನ್ನು ಕಳುಹಿಸಿದರೂ, ಲಾಕ್ ಡೌನ್ ವಿಸ್ತರಣೆಯಿಂದ ಕಾಯಿಲೆ ಎಲ್ಲಾ ಸಮಸ್ಯೆಯೂ ಬಗೆಹರಿಯುವುದಿಲ್ಲ. ಆದರೆ ಪ್ರಧಾನಿಯವರ ಕೈಗೊಂಡ ಕ್ರಮವನ್ನು ಸ್ವಾಗತಿಸುತ್ತೇನೆ ಎಂದು ಪ್ರಧಾನಿಯವರನ್ನು ಉಲ್ಲೇಖಿಸಿದರು.
ಸಕಲ ಸರ್ಕಾರಿ ಗೌರವದೊಂದಿಗೆ ಎಂ.ವಿ.ರಾಜಶೇಖರನ್ ಅಂತ್ಯಕ್ರಿಯೆ
ಬೆಂಗಳೂರು: ತೀವ್ರ ಅನಾರೋಗ್ಯದಿಂದ ಸೋಮವಾರ ನಿಧನರಾದ ಮಾಜಿ ಕೇಂದ್ರ ಸಚಿವ ಎಂ. ವಿ. ರಾಜಶೇಖರನ್ ಅವರ ಅಂತ್ಯಕ್ರಿಯೆ ಸಕಲ ಸರ್ಕಾರಿ ಗೌರವದೊಂದಿಗೆ ಸ್ವಗ್ರಾಮ ಕನಕಪುರ ತಾಲೂಕಿನ ದೊಡ್ಡ ಮರಳವಾಡಿಯ ತೋಟದಲ್ಲಿ ಸಂಜೆ ನೆರವೇರಿಸಲಾಯಿತು. ಇಂದು ಸಂಜೆ ಅಂತ್ಯಕ್ರಿಯೆ ವೀರಶೈವ ಲಿಂಗಾಯತ ಪದ್ಧತಿಯಂತೆ ನೆರವೇರಿಸಲಾಯಿತು. ಅಂತ್ಯಕ್ರಿಯೆಯಲ್ಲಿ ಮಾಜಿ ಸಚಿವ ಪಿಜಿಆರ್ ಸಿಂಧ್ಯಾ, ವಿಧಾನಪರಿಷತ್ ಸದಸ್ಯ ಎಸ್.ರವಿ ಸೇರಿದಂತೆ ಕೆಲ ಗಣ್ಯರು ಪಾಲ್ಗೊಂಡಿದ್ದರು. ವಿವಿಧ ಮಠಗಳ ಮಠಾಧೀಶರು ಅಂತ್ಯಕ್ರಿಯೆಯಲ್ಲಿ ಪಾಲ್ಗೊಂಡಿದ್ದರು. ರಾಜಶೇಖರನ್ ಅವರಿಗೆ 92 ವರ್ಷ ವಯಸ್ಸಾಗಿತ್ತು. ಅವರು ಪತ್ನಿ ಗಿರಿಜಾ ರಾಜಶೇಖರನ್, ಇಬ್ಬರು ಪುತ್ರಿ ಮತ್ತು ಇಬ್ಬರು ಪುತ್ರರನ್ನು ಅಗಲಿದ್ದಾರೆ. ಎಂ. ವಿ. ರಾಜಶೇಖರನ್ ನಿಧನಕ್ಕೆ ಮುಖ್ಯಮಂತ್ರಿ ಬಿ ಎಸ್ ಯಡಿಯೂರಪ್ಪ ಸಂತಾಪ ಸೂಚಿಸಿದ್ದಾರೆ. ರಾಜಶೇಖರನ್ ಅವರು ಸರಳತೆ, ಸಜ್ಜನಿಕೆಯ ಪ್ರಬುದ್ಧ ರಾಜಕಾರಣಿಯಾಗಿದ್ದರು. ಮಾಜಿ ಮುಖ್ಯಮಂತ್ರಿ ಎಸ್. ನಿಜಲಿಂಗಪ್ಪ ಅವರ ಅಳಿಯರಾದ ಅವರು, ಗ್ರಾಮೀಣ ಆರ್ಥಿಕತೆಯ ವಿಚಾರದಲ್ಲಿ ಆಳವಾದ ಜ್ಞಾನ ಹೊಂದಿದ್ದರು. ಲೋಕಸಭೆ, ರಾಜ್ಯಸಭೆ ಹಾಗೂ ವಿಧಾನ ಪರಿಷತ್ ಸದಸ್ಯರಾಗಿ ಕಾರ್ಯ ನಿರ್ವಹಿಸಿದ್ದರು. ಕೇಂದ್ರ ಯೋಜನೆ ಮತ್ತು ಅಂಕಿ ಅಂಶ ಖಾತೆಯ ರಾಜ್ಯ ಸಚಿವರಾಗಿ ಕಾರ್ಯ ನಿರ್ವಹಿಸಿದ್ದರು ಎಂದು ಮುಖ್ಯಮಂತ್ರಿಗಳು ಸ್ಮರಿಸಿಕೊಂಡಿದ್ದಾರೆ. ಮಾಜಿ ಮುಖ್ಯಮಂತ್ರಿ ಸಿದ್ದರಾಮಯ್ಯ ಸೇರಿದಂತೆ ಹಲವು ಗಣ್ಯರು ಕೂಡ ರಾಜಶೇಖರನ್ ನಿಧನಕ್ಕೆ ಸಂತಾಪ ಸೂಚಿಸಿದ್ದಾರೆ.
ಕಲಬುರಗಿ: ಸಿಡಿಲು ಬಡಿದು ಇಬ್ಬರು ಕುರಿಗಾಹಿಗಳು ಸಾವು
ಕಲಬುರಗಿ: ಜಿಲ್ಲೆಯ ಹಲವೆಡೆ ಗುಡುಗು, ಸಿಡಿಲು ಸಹಿತ ಭಾರಿ ಮಳೆಯಾಗಿದೆ. ಭಾರಿ ಮಳೆಯ ಪರಿಣಾಮ ಸಿಡಿಲು ಬಡಿದು ಇಬ್ಬರು ಕುರಿಗಾಹಿಗಳು ಮೃತಪಟ್ಟಿರುವ ಘಟನೆ ಜಿಲ್ಲೆಯ ಯಡ್ರಾಮಿ ತಾಲೂಕಿನ ಐನಾಪುರ ಗ್ರಾಮದ ಬಳಿ ಸೋಮವಾರ ನಡೆದಿದೆ. ಮೃತ ಕುರಿಗಾಹಿಗಳನ್ನು ಪರಮೇಶ್ವರ್ ಮತ್ತು ಕಲ್ಲಪ್ಪ ಎಂದು ಗುರುತಿಸಲಾಗಿದೆ. ವಿಷಯ ತಿಳಿಯುತ್ತಿದ್ದಂತೆ ಕುಟುಂಬಸ್ಥರ ಆಕ್ರಂದನ ಮುಗಿಲುಮುಟ್ಟಿದೆ. ಘಟನೆಗೆ ಸಂಬಂಧಿಸಿದಂತೆ ಯಡ್ರಾಮಿ ಪೊಲೀಸ್ ಠಾಣೆಯಲ್ಲಿ ಪ್ರಕರಣ ದಾಖಲಾಗಿದೆ.
ದೆಹಲಿಯಲ್ಲಿ ಮತ್ತೆ ಭೂಕಂಪನ, ಆವರಿಸಿದ ಭೀತಿ
ನವದೆಹಲಿ: ಕೊರೋನಾ ಸಂಕಷ್ಟ ದೆಹಲಿಯ ಜನರನ್ನು ಹಿಂಡಿ ಹಿಪ್ಪೆ ಮಾಡುತ್ತಿರುವ ಮಧ್ಯೆಯೇ ಇಂದು ಕೂಡ ಸೋಮವಾರ ರಾಷ್ಟ್ರ ರಾಜಧಾನಿಯಲ್ಲಿ ಮತ್ತೊಮ್ಮೆ ಲಘು ಭೂಕಂಪನ ಸಂಭವಿಸಿದ್ದು, ಜನತೆಯಲ್ಲಿ ಭೀತಿಯ ವಾತಾವರಣ ನಿರ್ಮಾಣವಾಗಿದೆ. ರಿಕ್ಟರ್ ಮಾಪಕದಲ್ಲಿ ಇದರ ತೀವ್ರತೆ 2.7ರಷ್ಟು ಎಂದು ದಾಖಲಾಗಿದೆ. ಕಂಪನದ ಕೇಂದ್ರ ಬಿಂದು ಹುಡುಕಲು ಅಧ್ಯಯನ ನಡೆಯುತ್ತಿದೆ. ಭಾನುವಾರ ಕೂಡ ದೆಹಲಿಯಲ್ಲಿ 3.5 ತೀವ್ರತೆಯ ಲಘು ಭೂಕಂಪನ ಸಂಭವಿಸಿತ್ತು. ಹಾಗಾಗಿ, ಭಾನುವಾರದ ಲಘು ಭೂಕಂಪನದ ಸಂದರ್ಭದಲ್ಲಿ ನಷ್ಟ ಉಂಟಾಗಿಲ್ಲ ಎಂದು ಭೂಕಂಪಶಾಸ್ತ್ರ ವಿಭಾಗದ ಅಧಿಕಾರಿಗಳು ಮಾಹಿತಿ ನೀಡಿದ್ದಾರೆ. ಇದಕ್ಕೂ ಮುನ್ನ 2018ರ ಏಪ್ರಿಲ್ 24ರಂದು ಇಲ್ಲಿ 3.5 ತೀವ್ರತೆಯ ಭೂಕಂಪ ಸಂಭವಿಸಿತ್ತು.
